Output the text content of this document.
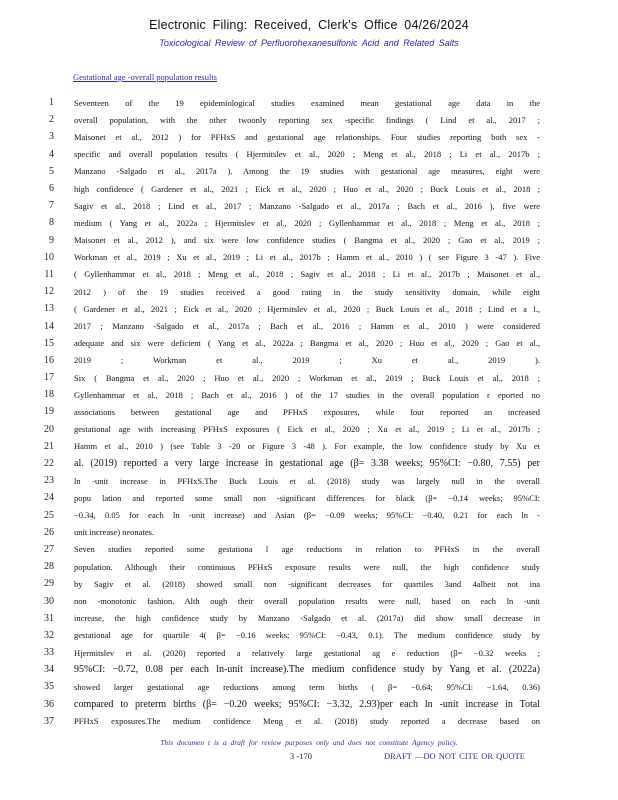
Electronic Filing: Received, Clerk's Office 04/26/2024
Toxicological Review of Perfluorohexanesulfonic Acid and Related Salts
Gestational age -overall population results
1 Seventeen of the 19 epidemiological studies examined mean gestational age data in the
2 overall population, with the other twoonly reporting sex -specific findings ( Lind et al., 2017 ;
3 Maisonet et al., 2012 ) for PFHxS and gestational age relationships. Four studies reporting both sex -
4 specific and overall population results ( Hjermitslev et al., 2020 ; Meng et al., 2018 ; Li et al., 2017b ;
5 Manzano -Salgado et al., 2017a ). Among the 19 studies with gestational age measures, eight were
6 high confidence ( Gardener et al., 2021 ; Eick et al., 2020 ; Huo et al., 2020 ; Buck Louis et al., 2018 ;
7 Sagiv et al., 2018 ; Lind et al., 2017 ; Manzano -Salgado et al., 2017a ; Bach et al., 2016 ), five were
8 medium ( Yang et al., 2022a ; Hjermitslev et al., 2020 ; Gyllenhammar et al., 2018 ; Meng et al., 2018 ;
9 Maisonet et al., 2012 ), and six were low confidence studies ( Bangma et al., 2020 ; Gao et al., 2019 ;
10 Workman et al., 2019 ; Xu et al., 2019 ; Li et al., 2017b ; Hamm et al., 2010 ) ( see Figure 3 -47 ). Five
11 ( Gyllenhammar et al., 2018 ; Meng et al., 2018 ; Sagiv et al., 2018 ; Li et al., 2017b ; Maisonet et al.,
12 2012 ) of the 19 studies received a good rating in the study sensitivity domain, while eight
13 ( Gardener et al., 2021 ; Eick et al., 2020 ; Hjermitslev et al., 2020 ; Buck Louis et al., 2018 ; Lind et a l.,
14 2017 ; Manzano -Salgado et al., 2017a ; Bach et al., 2016 ; Hamm et al., 2010 ) were considered
15 adequate and six were deficient ( Yang et al., 2022a ; Bangma et al., 2020 ; Huo et al., 2020 ; Gao et al.,
16 2019 ; Workman et al., 2019 ; Xu et al., 2019 ).
17 Six ( Bangma et al., 2020 ; Huo et al., 2020 ; Workman et al., 2019 ; Buck Louis et al., 2018 ;
18 Gyllenhammar et al., 2018 ; Bach et al., 2016 ) of the 17 studies in the overall population r eported no
19 associations between gestational age and PFHxS exposures, while four reported an increased
20 gestational age with increasing PFHxS exposures ( Eick et al., 2020 ; Xu et al., 2019 ; Li et al., 2017b ;
21 Hamm et al., 2010 ) (see Table 3 -20 or Figure 3 -48 ). For example, the low confidence study by Xu et
22 al. (2019) reported a very large increase in gestational age (β= 3.38 weeks; 95%CI: −0.80, 7.55) per
23 ln -unit increase in PFHxS.The Buck Louis et al. (2018) study was largely null in the overall
24 popu lation and reported some small non -significant differences for black (β= −0.14 weeks; 95%CI:
25 −0.34, 0.05 for each ln -unit increase) and Asian (β= −0.09 weeks; 95%CI: −0.40, 0.21 for each ln -
26 unit increase) neonates.
27 Seven studies reported some gestationa l age reductions in relation to PFHxS in the overall
28 population. Although their continuous PFHxS exposure results were null, the high confidence study
29 by Sagiv et al. (2018) showed small non -significant decreases for quartiles 3and 4albeit not ina
30 non -monotonic fashion. Alth ough their overall population results were null, based on each ln -unit
31 increase, the high confidence study by Manzano -Salgado et al. (2017a) did show small decrease in
32 gestational age for quartile 4( β= −0.16 weeks; 95%CI: −0.43, 0.1). The medium confidence study by
33 Hjermitslev et al. (2020) reported a relatively large gestational ag e reduction (β= −0.32 weeks ;
34 95%CI: −0.72, 0.08 per each ln-unit increase).The medium confidence study by Yang et al. (2022a)
35 showed larger gestational age reductions among term births ( β= −0.64; 95%CI: −1.64, 0.36)
36 compared to preterm births (β= −0.20 weeks; 95%CI: −3.32, 2.93)per each ln -unit increase in Total
37 PFHxS exposures.The medium confidence Meng et al. (2018) study reported a decrease based on
This documen t is a draft for review purposes only and does not constitute Agency policy.
3 -170	DRAFT —DO NOT CITE OR QUOTE
